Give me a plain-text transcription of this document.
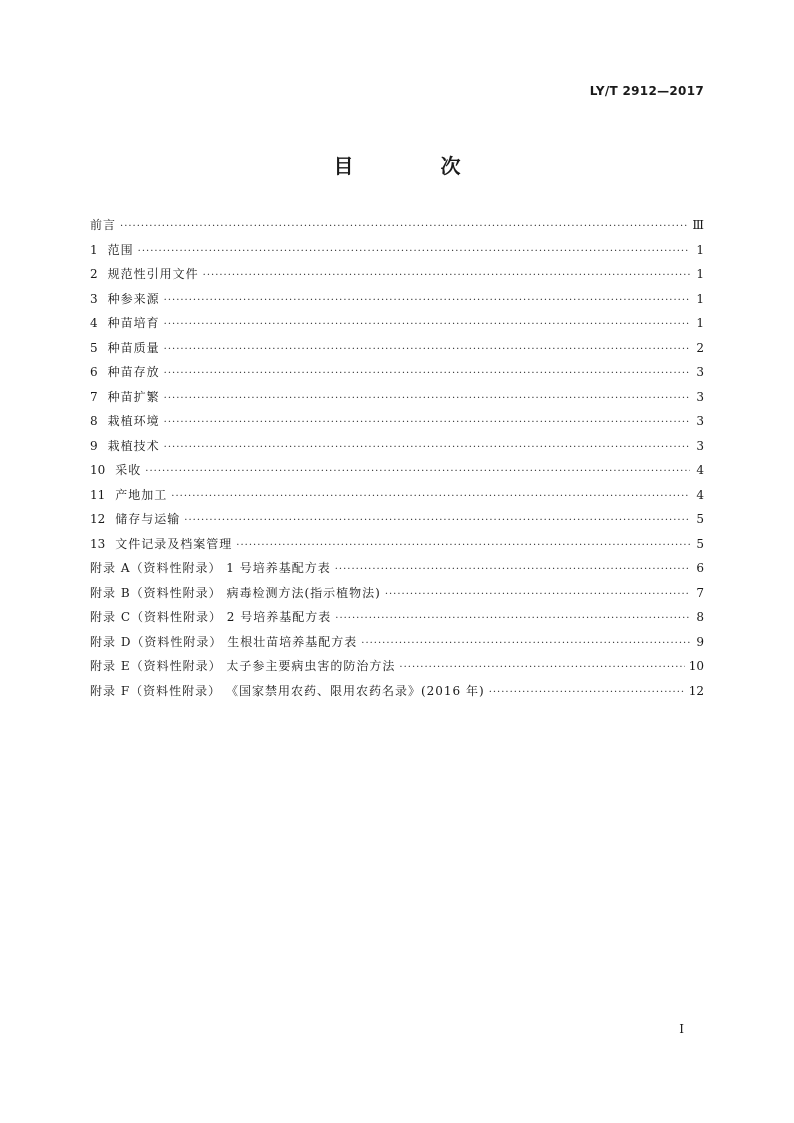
LY/T 2912—2017
目 次
前言 ·····	Ⅲ
1 范围 ·····	1
2 规范性引用文件 ·····	1
3 种参来源 ·····	1
4 种苗培育 ·····	1
5 种苗质量 ·····	2
6 种苗存放 ·····	3
7 种苗扩繁 ·····	3
8 栽植环境 ·····	3
9 栽植技术 ·····	3
10 采收 ·····	4
11 产地加工 ·····	4
12 储存与运输 ·····	5
13 文件记录及档案管理 ·····	5
附录 A（资料性附录） 1 号培养基配方表 ·····	6
附录 B（资料性附录） 病毒检测方法(指示植物法) ·····	7
附录 C（资料性附录） 2 号培养基配方表 ·····	8
附录 D（资料性附录） 生根壮苗培养基配方表 ·····	9
附录 E（资料性附录） 太子参主要病虫害的防治方法 ·····	10
附录 F（资料性附录） 《国家禁用农药、限用农药名录》(2016 年) ·····	12
I
